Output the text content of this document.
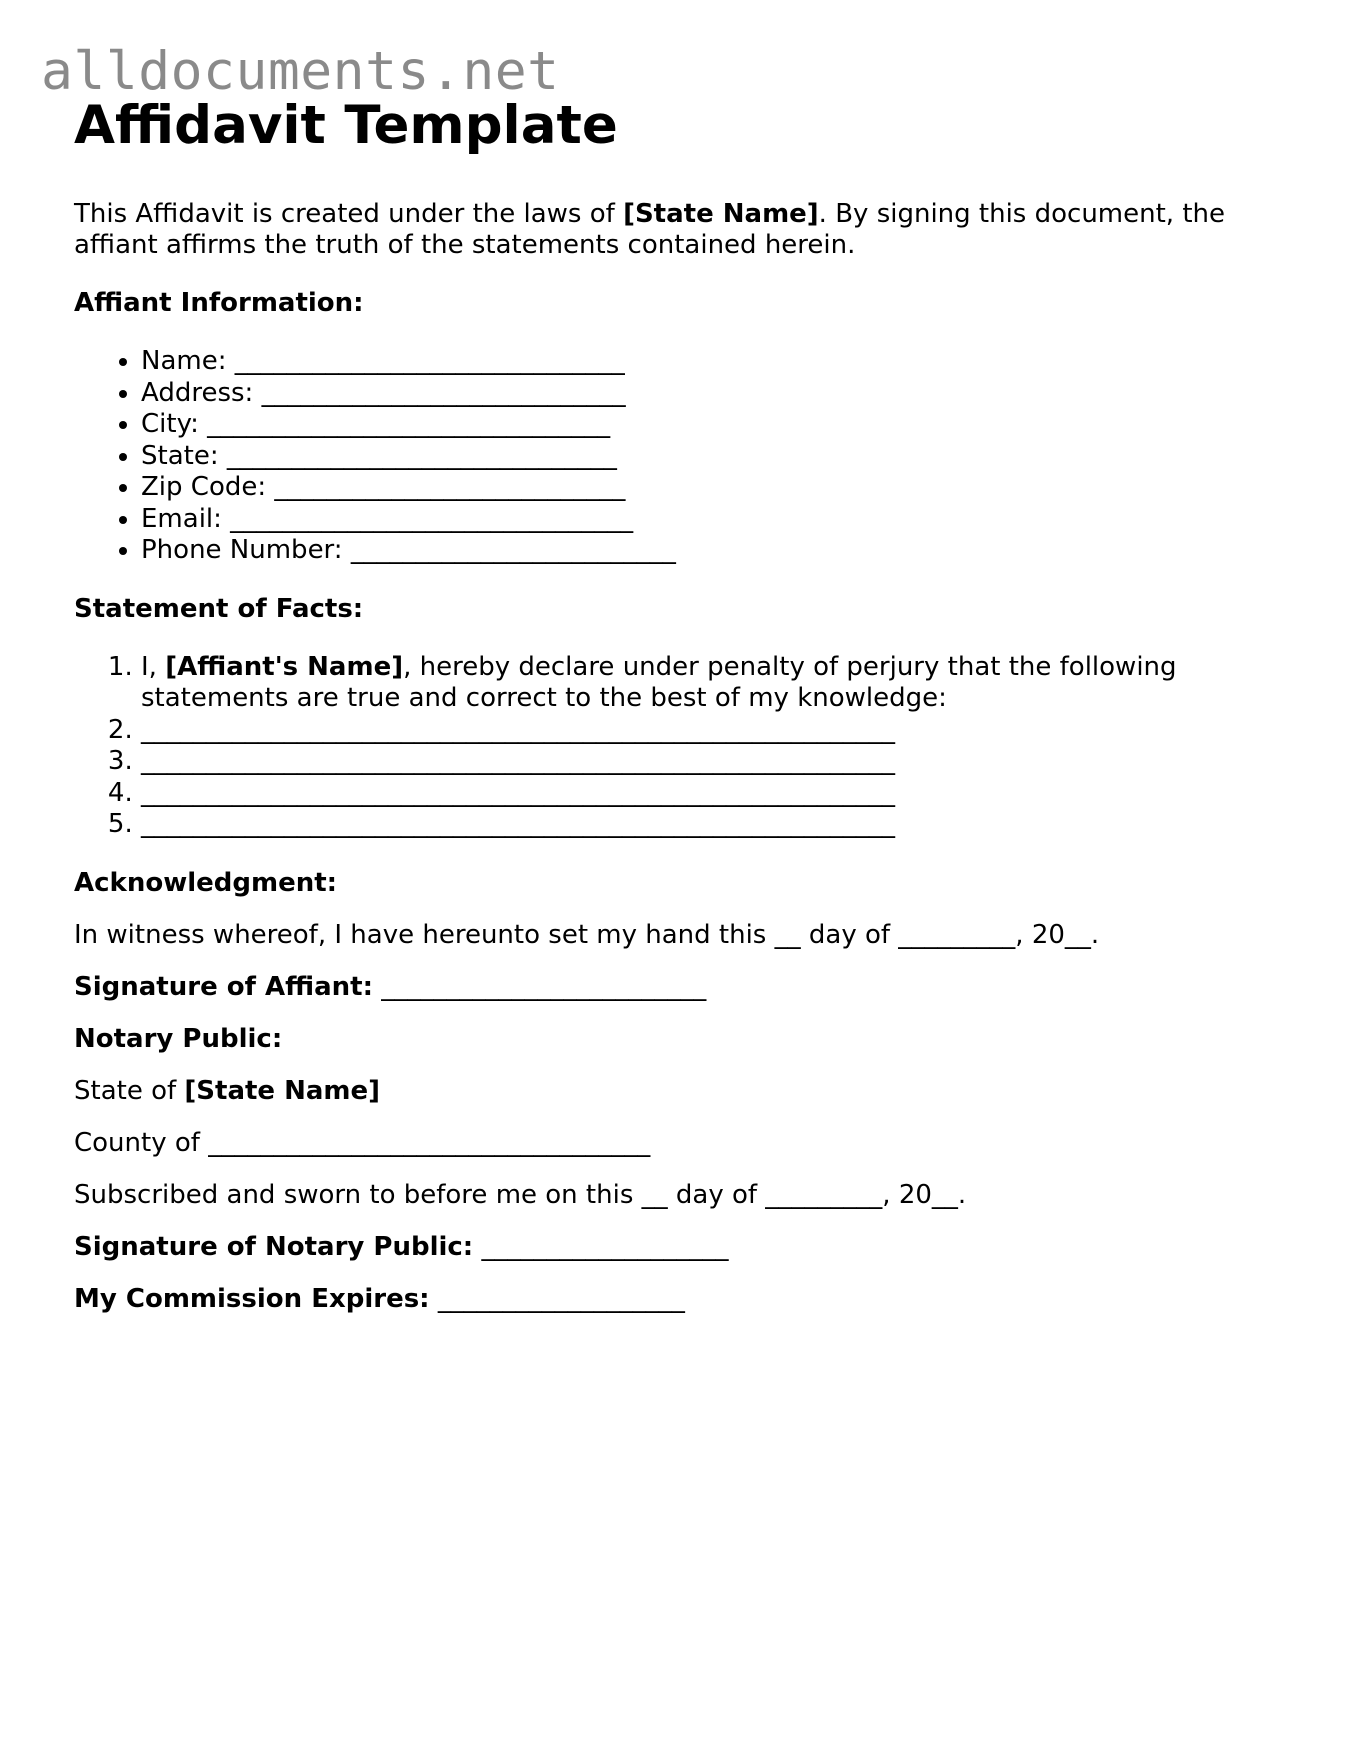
alldocuments.net
Affidavit Template

This Affidavit is created under the laws of [State Name]. By signing this document, the affiant affirms the truth of the statements contained herein.

Affiant Information:
• Name: ______________________________
• Address: ____________________________
• City: _______________________________
• State: ______________________________
• Zip Code: ___________________________
• Email: _______________________________
• Phone Number: _________________________
Statement of Facts:
1. I, [Affiant's Name], hereby declare under penalty of perjury that the following statements are true and correct to the best of my knowledge:
2. __________________________________________________________
3. __________________________________________________________
4. __________________________________________________________
5. __________________________________________________________
Acknowledgment:

In witness whereof, I have hereunto set my hand this __ day of _________, 20__.

Signature of Affiant: _________________________

Notary Public:

State of [State Name]

County of __________________________________

Subscribed and sworn to before me on this __ day of _________, 20__.

Signature of Notary Public: ___________________

My Commission Expires: ___________________
